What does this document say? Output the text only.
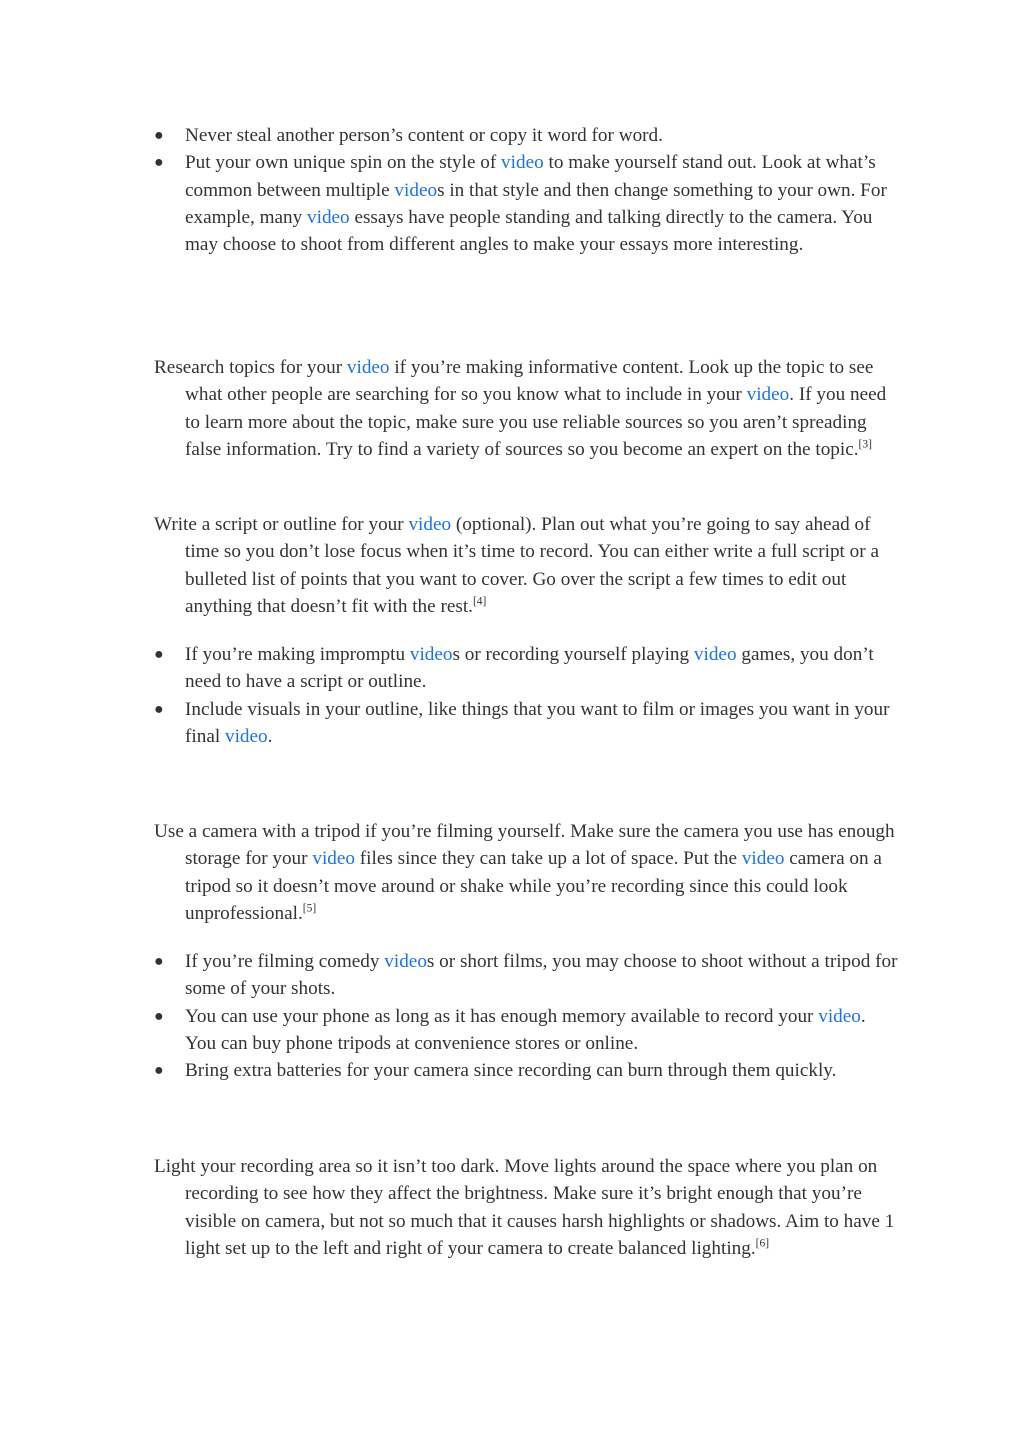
● Never steal another person’s content or copy it word for word.
● Put your own unique spin on the style of video to make yourself stand out. Look at what’s common between multiple videos in that style and then change something to your own. For example, many video essays have people standing and talking directly to the camera. You may choose to shoot from different angles to make your essays more interesting.

Research topics for your video if you’re making informative content. Look up the topic to see what other people are searching for so you know what to include in your video. If you need to learn more about the topic, make sure you use reliable sources so you aren’t spreading false information. Try to find a variety of sources so you become an expert on the topic.[3]

Write a script or outline for your video (optional). Plan out what you’re going to say ahead of time so you don’t lose focus when it’s time to record. You can either write a full script or a bulleted list of points that you want to cover. Go over the script a few times to edit out anything that doesn’t fit with the rest.[4]

● If you’re making impromptu videos or recording yourself playing video games, you don’t need to have a script or outline.
● Include visuals in your outline, like things that you want to film or images you want in your final video.

Use a camera with a tripod if you’re filming yourself. Make sure the camera you use has enough storage for your video files since they can take up a lot of space. Put the video camera on a tripod so it doesn’t move around or shake while you’re recording since this could look unprofessional.[5]

● If you’re filming comedy videos or short films, you may choose to shoot without a tripod for some of your shots.
● You can use your phone as long as it has enough memory available to record your video. You can buy phone tripods at convenience stores or online.
● Bring extra batteries for your camera since recording can burn through them quickly.

Light your recording area so it isn’t too dark. Move lights around the space where you plan on recording to see how they affect the brightness. Make sure it’s bright enough that you’re visible on camera, but not so much that it causes harsh highlights or shadows. Aim to have 1 light set up to the left and right of your camera to create balanced lighting.[6]
